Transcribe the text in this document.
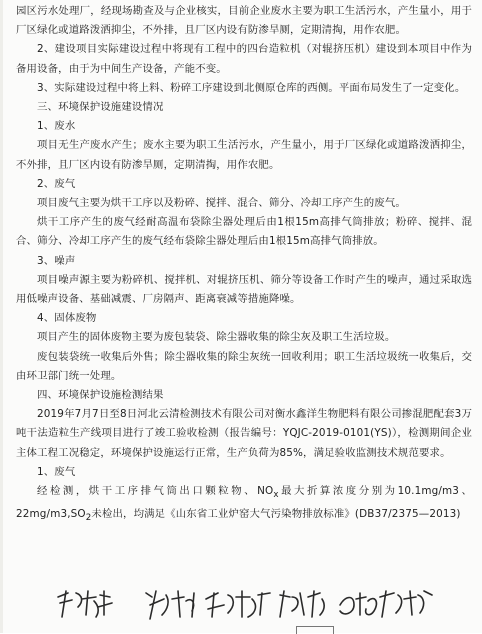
园区污水处理厂，经现场勘查及与企业核实，目前企业废水主要为职工生活污水，产生量小，用于厂区绿化或道路泼洒抑尘，不外排，且厂区内设有防渗旱厕，定期清掏，用作农肥。

2、建设项目实际建设过程中将现有工程中的四台造粒机（对辊挤压机）建设到本项目中作为备用设备，由于为中间生产设备，产能不变。

3、实际建设过程中将上料、粉碎工序建设到北侧原仓库的西侧。平面布局发生了一定变化。

三、环境保护设施建设情况

1、废水

项目无生产废水产生；废水主要为职工生活污水，产生量小，用于厂区绿化或道路泼洒抑尘，不外排，且厂区内设有防渗旱厕，定期清掏，用作农肥。

2、废气

项目废气主要为烘干工序以及粉碎、搅拌、混合、筛分、冷却工序产生的废气。

烘干工序产生的废气经耐高温布袋除尘器处理后由1根15m高排气筒排放；粉碎、搅拌、混合、筛分、冷却工序产生的废气经布袋除尘器处理后由1根15m高排气筒排放。

3、噪声

项目噪声源主要为粉碎机、搅拌机、对辊挤压机、筛分等设备工作时产生的噪声，通过采取选用低噪声设备、基础减震、厂房隔声、距离衰减等措施降噪。

4、固体废物

项目产生的固体废物主要为废包装袋、除尘器收集的除尘灰及职工生活垃圾。

废包装袋统一收集后外售；除尘器收集的除尘灰统一回收利用；职工生活垃圾统一收集后，交由环卫部门统一处理。

四、环境保护设施检测结果

2019年7月7日至8日河北云清检测技术有限公司对衡水鑫洋生物肥料有限公司掺混肥配套3万吨干法造粒生产线项目进行了竣工验收检测（报告编号：YQJC-2019-0101(YS)），检测期间企业主体工程工况稳定，环境保护设施运行正常，生产负荷为85%，满足验收监测技术规范要求。

1、废气

经检测，烘干工序排气筒出口颗粒物、$NO_x$最大折算浓度分别为10.1mg/m3、$22mg/m3,SO_2$未检出，均满足《山东省工业炉窑大气污染物排放标准》(DB37/2375—2013)
